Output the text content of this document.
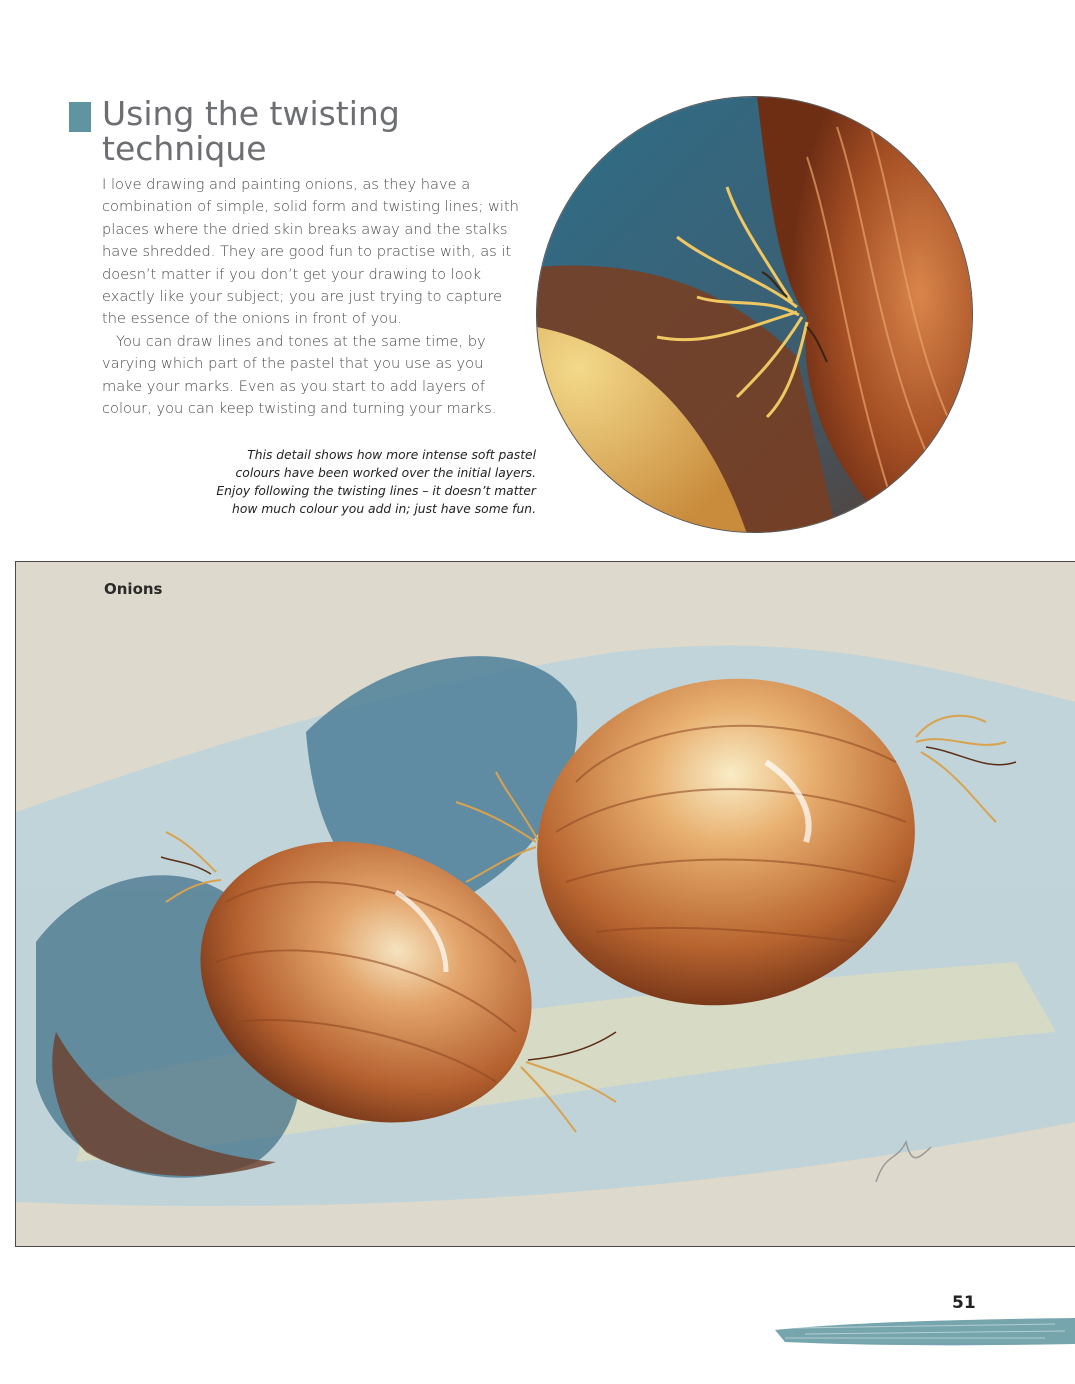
Using the twisting
technique

I love drawing and painting onions, as they have a combination of simple, solid form and twisting lines; with places where the dried skin breaks away and the stalks have shredded. They are good fun to practise with, as it doesn’t matter if you don’t get your drawing to look exactly like your subject; you are just trying to capture the essence of the onions in front of you.

You can draw lines and tones at the same time, by varying which part of the pastel that you use as you make your marks. Even as you start to add layers of colour, you can keep twisting and turning your marks.

This detail shows how more intense soft pastel colours have been worked over the initial layers. Enjoy following the twisting lines – it doesn’t matter how much colour you add in; just have some fun.
Onions
51
